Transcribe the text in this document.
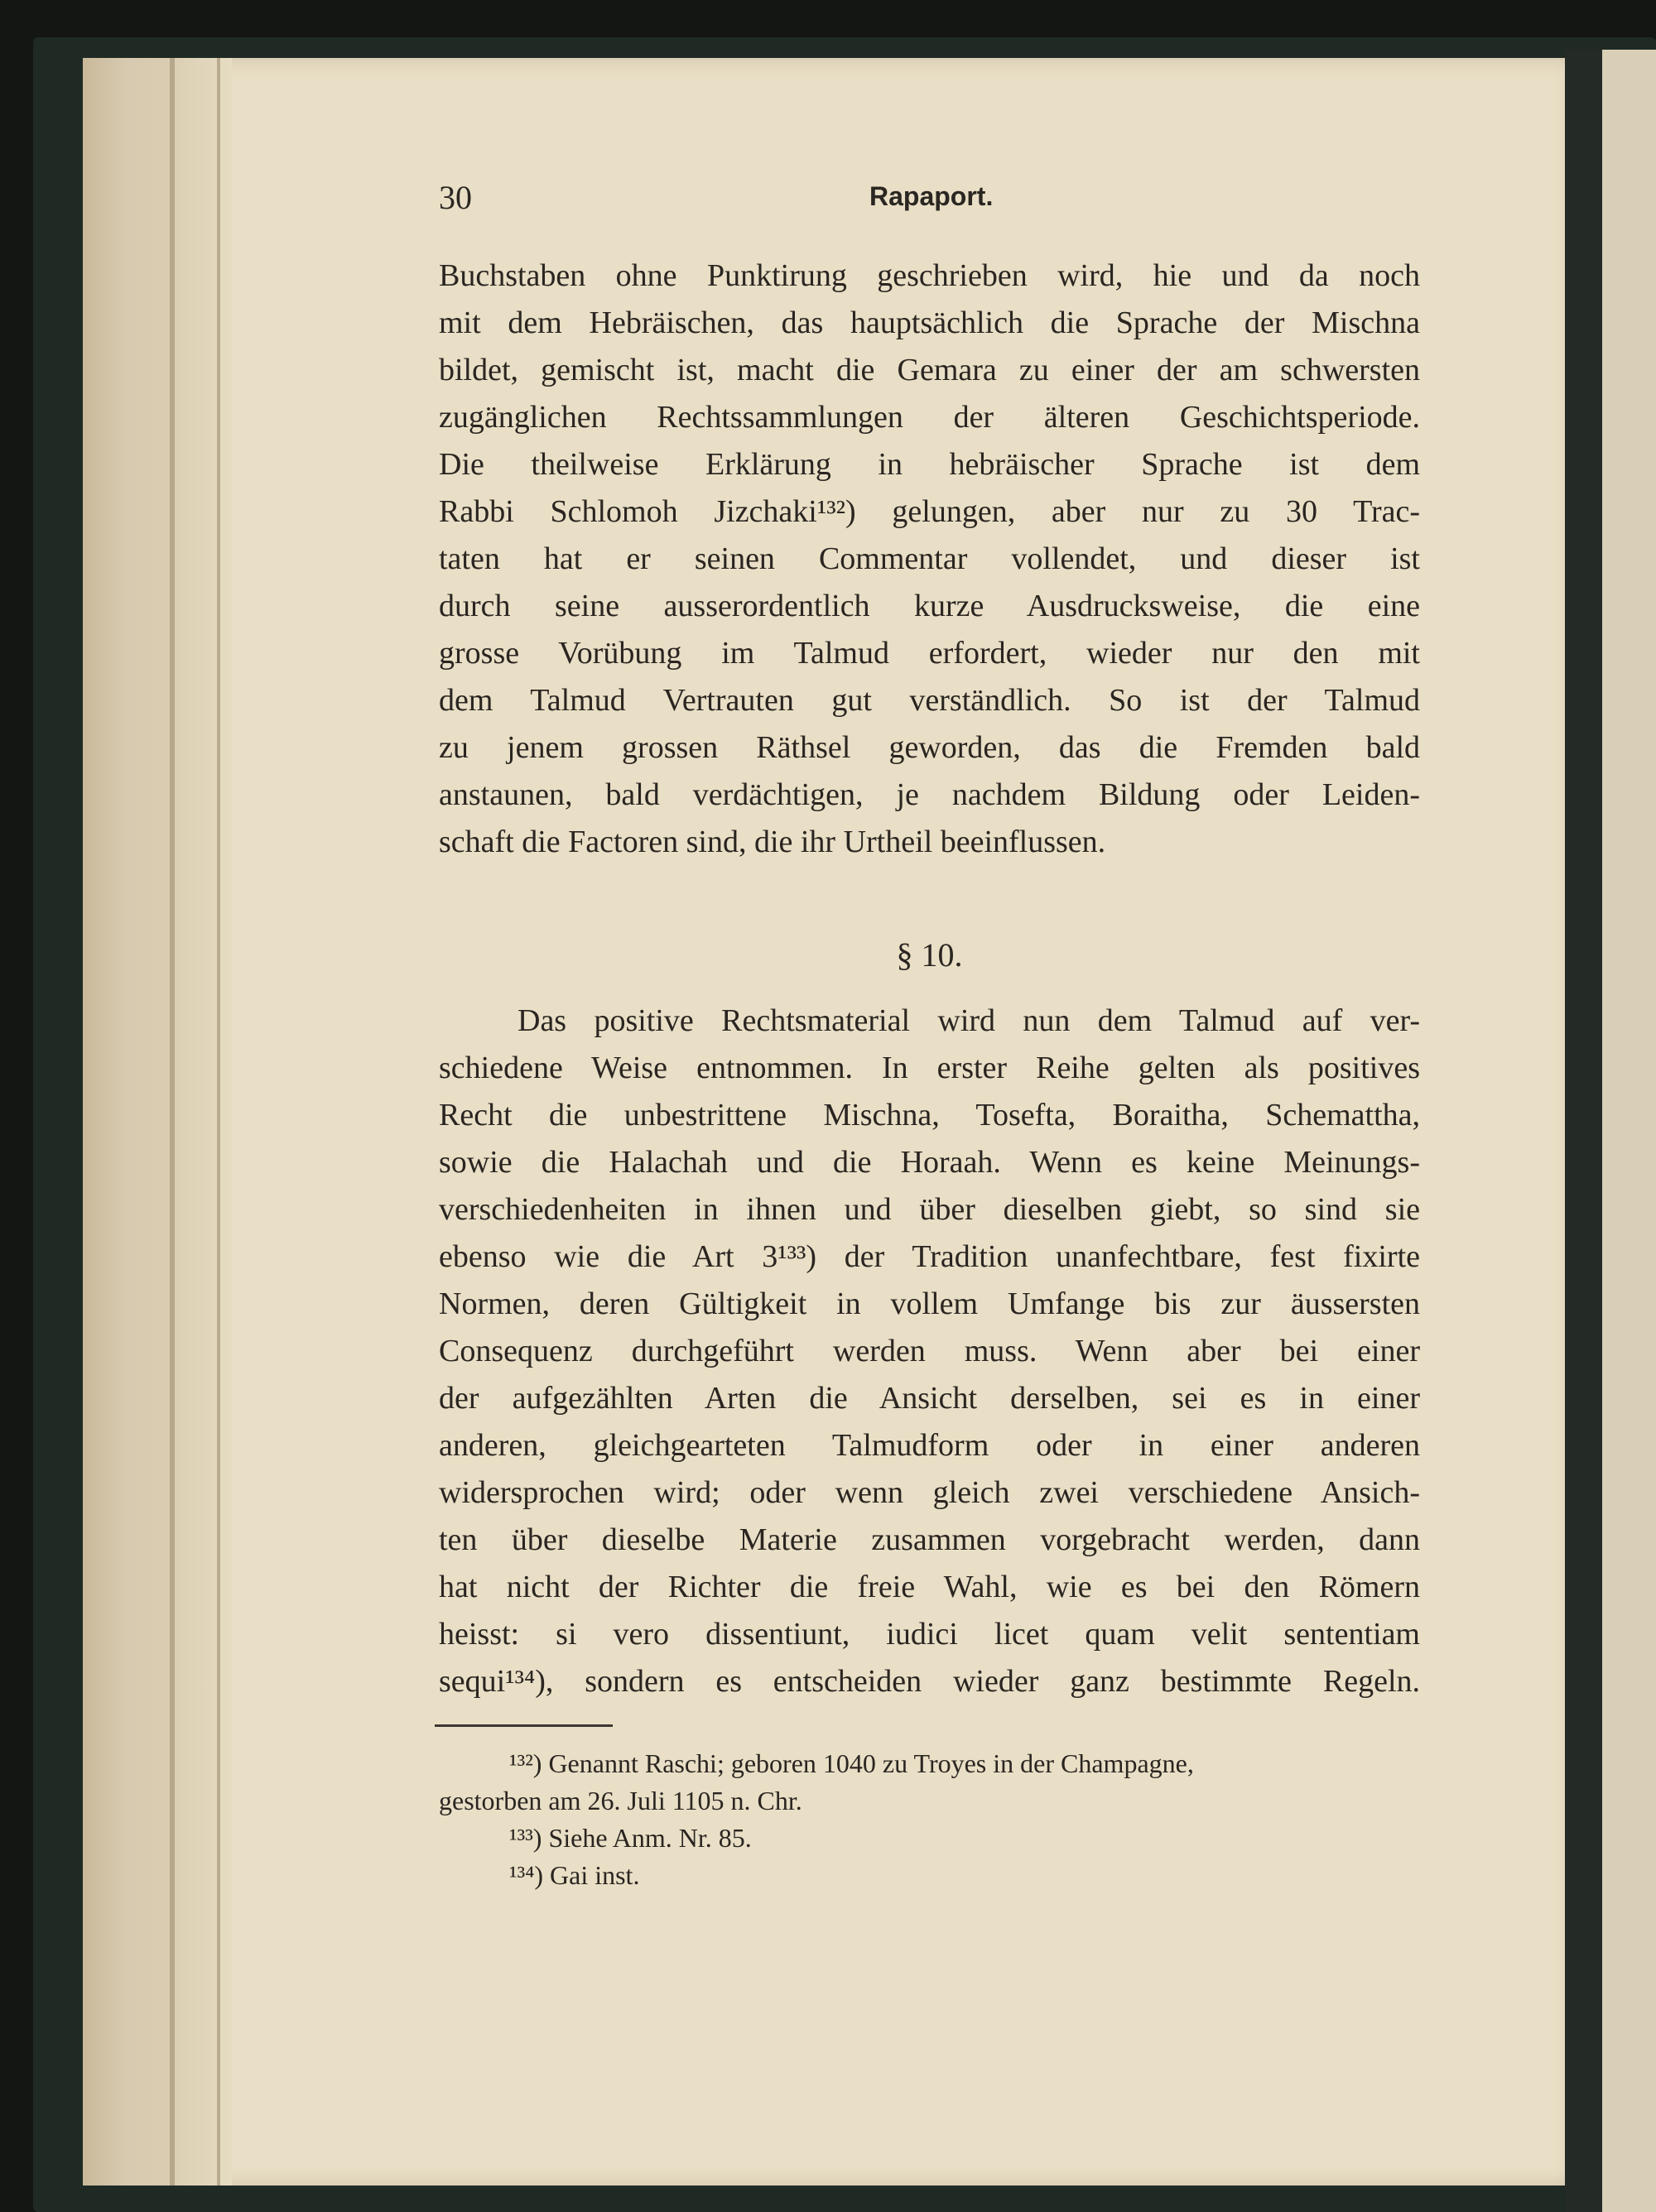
30	Rapaport.
Buchstaben ohne Punktirung geschrieben wird, hie und da noch
mit dem Hebräischen, das hauptsächlich die Sprache der Mischna
bildet, gemischt ist, macht die Gemara zu einer der am schwersten
zugänglichen Rechtssammlungen der älteren Geschichtsperiode.
Die theilweise Erklärung in hebräischer Sprache ist dem
Rabbi Schlomoh Jizchaki¹³²) gelungen, aber nur zu 30 Trac-
taten hat er seinen Commentar vollendet, und dieser ist
durch seine ausserordentlich kurze Ausdrucksweise, die eine
grosse Vorübung im Talmud erfordert, wieder nur den mit
dem Talmud Vertrauten gut verständlich. So ist der Talmud
zu jenem grossen Räthsel geworden, das die Fremden bald
anstaunen, bald verdächtigen, je nachdem Bildung oder Leiden-
schaft die Factoren sind, die ihr Urtheil beeinflussen.
§ 10.
Das positive Rechtsmaterial wird nun dem Talmud auf ver-
schiedene Weise entnommen. In erster Reihe gelten als positives
Recht die unbestrittene Mischna, Tosefta, Boraitha, Schemattha,
sowie die Halachah und die Horaah. Wenn es keine Meinungs-
verschiedenheiten in ihnen und über dieselben giebt, so sind sie
ebenso wie die Art 3¹³³) der Tradition unanfechtbare, fest fixirte
Normen, deren Gültigkeit in vollem Umfange bis zur äussersten
Consequenz durchgeführt werden muss. Wenn aber bei einer
der aufgezählten Arten die Ansicht derselben, sei es in einer
anderen, gleichgearteten Talmudform oder in einer anderen
widersprochen wird; oder wenn gleich zwei verschiedene Ansich-
ten über dieselbe Materie zusammen vorgebracht werden, dann
hat nicht der Richter die freie Wahl, wie es bei den Römern
heisst: si vero dissentiunt, iudici licet quam velit sententiam
sequi¹³⁴), sondern es entscheiden wieder ganz bestimmte Regeln.
¹³²) Genannt Raschi; geboren 1040 zu Troyes in der Champagne,
gestorben am 26. Juli 1105 n. Chr.
¹³³) Siehe Anm. Nr. 85.
¹³⁴) Gai inst.
